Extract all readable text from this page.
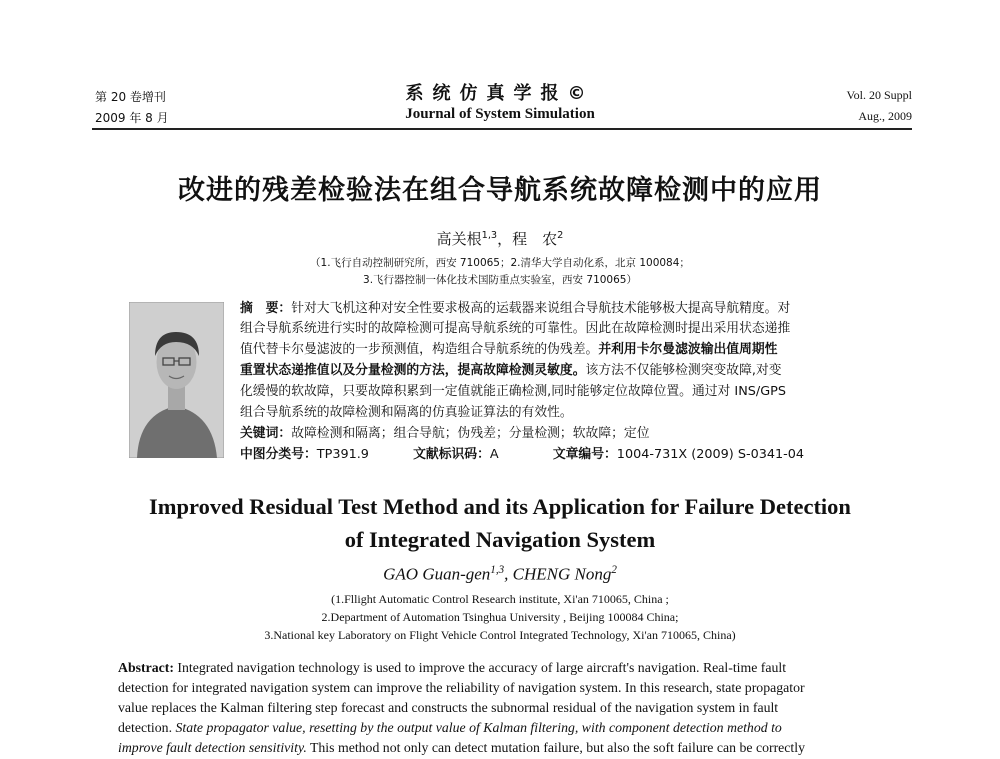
第 20 卷增刊
2009 年 8 月
系统仿真学报©
Journal of System Simulation
Vol. 20 Suppl
Aug., 2009
改进的残差检验法在组合导航系统故障检测中的应用
高关根$^{1,3}$，程　农$^2$
（1.飞行自动控制研究所，西安 710065；2.清华大学自动化系，北京 100084；
3.飞行器控制一体化技术国防重点实验室，西安 710065）
摘　要：针对大飞机这种对安全性要求极高的运载器来说组合导航技术能够极大提高导航精度。对
组合导航系统进行实时的故障检测可提高导航系统的可靠性。因此在故障检测时提出采用状态递推
值代替卡尔曼滤波的一步预测值，构造组合导航系统的伪残差。并利用卡尔曼滤波输出值周期性
重置状态递推值以及分量检测的方法，提高故障检测灵敏度。该方法不仅能够检测突变故障,对变
化缓慢的软故障，只要故障积累到一定值就能正确检测,同时能够定位故障位置。通过对 INS/GPS
组合导航系统的故障检测和隔离的仿真验证算法的有效性。
关键词：故障检测和隔离；组合导航；伪残差；分量检测；软故障；定位
中图分类号：TP391.9	文献标识码：A	文章编号：1004-731X (2009) S-0341-04
Improved Residual Test Method and its Application for Failure Detection
of Integrated Navigation System
GAO Guan-gen$^{1,3}$, CHENG Nong$^2$
(1.Fllight Automatic Control Research institute, Xi'an 710065, China ;
2.Department of Automation Tsinghua University , Beijing 100084 China;
3.National key Laboratory on Flight Vehicle Control Integrated Technology, Xi'an 710065, China)
Abstract: Integrated navigation technology is used to improve the accuracy of large aircraft's navigation. Real-time fault
detection for integrated navigation system can improve the reliability of navigation system. In this research, state propagator
value replaces the Kalman filtering step forecast and constructs the subnormal residual of the navigation system in fault
detection. State propagator value, resetting by the output value of Kalman filtering, with component detection method to
improve fault detection sensitivity. This method not only can detect mutation failure, but also the soft failure can be correctly
